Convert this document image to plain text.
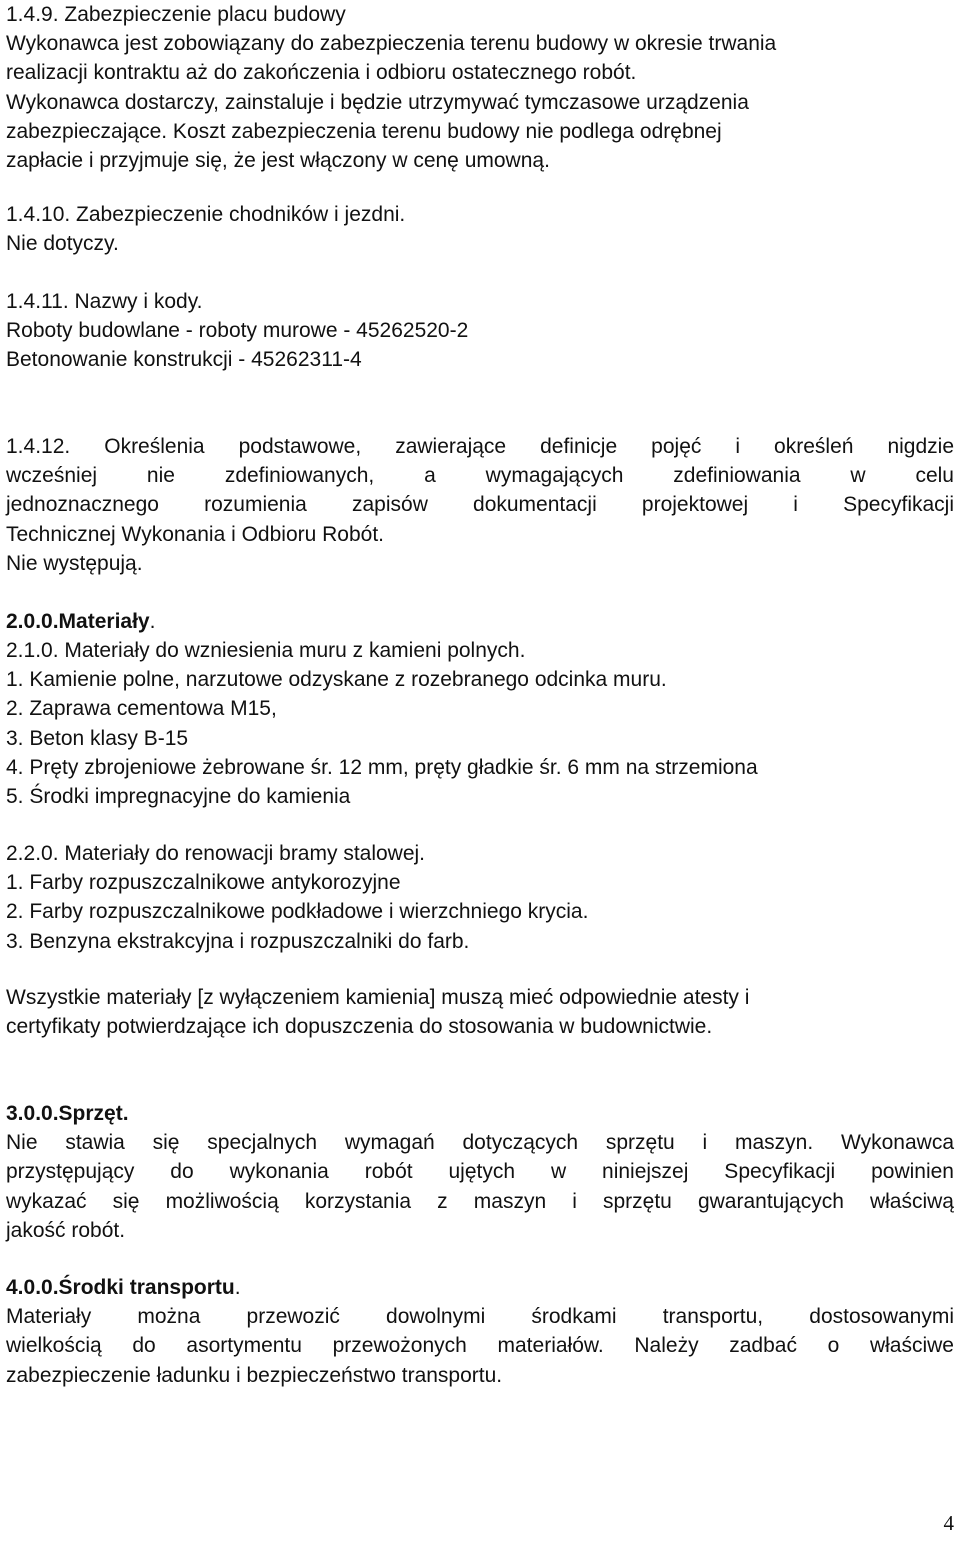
1.4.9. Zabezpieczenie placu budowy

Wykonawca jest zobowiązany do zabezpieczenia terenu budowy w okresie trwania

realizacji kontraktu aż do zakończenia i odbioru ostatecznego robót.

Wykonawca dostarczy, zainstaluje i będzie utrzymywać tymczasowe urządzenia

zabezpieczające. Koszt zabezpieczenia terenu budowy nie podlega odrębnej

zapłacie i przyjmuje się, że jest włączony w cenę umowną.

1.4.10. Zabezpieczenie chodników i jezdni.

Nie dotyczy.

1.4.11. Nazwy i kody.

Roboty budowlane - roboty murowe - 45262520-2

Betonowanie konstrukcji - 45262311-4

1.4.12. Określenia podstawowe, zawierające definicje pojęć i określeń nigdzie

wcześniej nie zdefiniowanych, a wymagających zdefiniowania w celu

jednoznacznego rozumienia zapisów dokumentacji projektowej i Specyfikacji

Technicznej Wykonania i Odbioru Robót.

Nie występują.

2.0.0.Materiały.

2.1.0. Materiały do wzniesienia muru z kamieni polnych.

1. Kamienie polne, narzutowe odzyskane z rozebranego odcinka muru.

2. Zaprawa cementowa M15,

3. Beton klasy B-15

4. Pręty zbrojeniowe żebrowane śr. 12 mm, pręty gładkie śr. 6 mm na strzemiona

5. Środki impregnacyjne do kamienia

2.2.0. Materiały do renowacji bramy stalowej.

1. Farby rozpuszczalnikowe antykorozyjne

2. Farby rozpuszczalnikowe podkładowe i wierzchniego krycia.

3. Benzyna ekstrakcyjna i rozpuszczalniki do farb.

Wszystkie materiały [z wyłączeniem kamienia] muszą mieć odpowiednie atesty i

certyfikaty potwierdzające ich dopuszczenia do stosowania w budownictwie.

3.0.0.Sprzęt.

Nie stawia się specjalnych wymagań dotyczących sprzętu i maszyn. Wykonawca

przystępujący do wykonania robót ujętych w niniejszej Specyfikacji powinien

wykazać się możliwością korzystania z maszyn i sprzętu gwarantujących właściwą

jakość robót.

4.0.0.Środki transportu.

Materiały można przewozić dowolnymi środkami transportu, dostosowanymi

wielkością do asortymentu przewożonych materiałów. Należy zadbać o właściwe

zabezpieczenie ładunku i bezpieczeństwo transportu.

4
